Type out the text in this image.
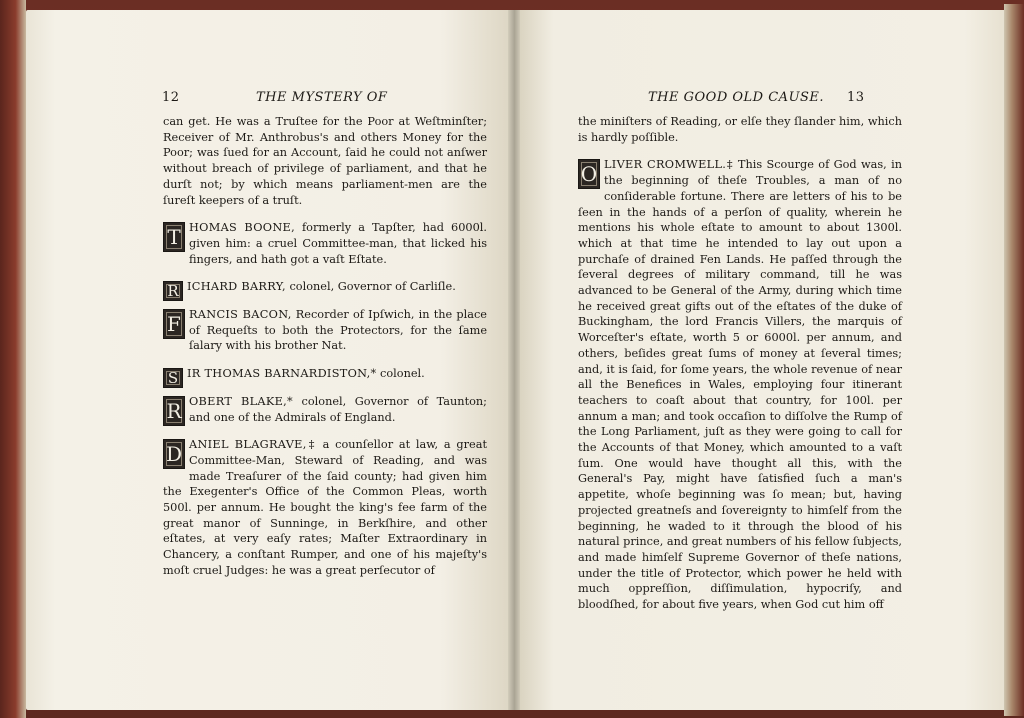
12	THE MYSTERY OF

can get. He was a Truſtee for the Poor at Weſtminſter; Receiver of Mr. Anthrobus's and others Money for the Poor; was ſued for an Account, ſaid he could not anſwer without breach of privilege of parliament, and that he durſt not; by which means parliament-men are the ſureſt keepers of a truſt.

T HOMAS BOONE, formerly a Tapſter, had 6000l. given him: a cruel Committee-man, that licked his fingers, and hath got a vaſt Eſtate.

R ICHARD BARRY, colonel, Governor of Carliſle.

F RANCIS BACON, Recorder of Ipſwich, in the place of Requeſts to both the Protectors, for the ſame ſalary with his brother Nat.

S IR THOMAS BARNARDISTON,* colonel.

R OBERT BLAKE,* colonel, Governor of Taunton; and one of the Admirals of England.

D ANIEL BLAGRAVE,‡ a counſellor at law, a great Committee-Man, Steward of Reading, and was made Treaſurer of the ſaid county; had given him the Exegenter's Office of the Common Pleas, worth 500l. per annum. He bought the king's fee farm of the great manor of Sunninge, in Berkſhire, and other eſtates, at very eaſy rates; Maſter Extraordinary in Chancery, a conſtant Rumper, and one of his majeſty's moſt cruel Judges: he was a great perſecutor of

THE GOOD OLD CAUSE. 13

the miniſters of Reading, or elſe they ſlander him, which is hardly poſſible.

O LIVER CROMWELL.‡ This Scourge of God was, in the beginning of theſe Troubles, a man of no conſiderable fortune. There are letters of his to be ſeen in the hands of a perſon of quality, wherein he mentions his whole eſtate to amount to about 1300l. which at that time he intended to lay out upon a purchaſe of drained Fen Lands. He paſſed through the ſeveral degrees of military command, till he was advanced to be General of the Army, during which time he received great gifts out of the eſtates of the duke of Buckingham, the lord Francis Villers, the marquis of Worceſter's eſtate, worth 5 or 6000l. per annum, and others, beſides great ſums of money at ſeveral times; and, it is ſaid, for ſome years, the whole revenue of near all the Benefices in Wales, employing four itinerant teachers to coaſt about that country, for 100l. per annum a man; and took occaſion to diſſolve the Rump of the Long Parliament, juſt as they were going to call for the Accounts of that Money, which amounted to a vaſt ſum. One would have thought all this, with the General's Pay, might have ſatisfied ſuch a man's appetite, whoſe beginning was ſo mean; but, having projected greatneſs and ſovereignty to himſelf from the beginning, he waded to it through the blood of his natural prince, and great numbers of his fellow ſubjects, and made himſelf Supreme Governor of theſe nations, under the title of Protector, which power he held with much oppreſſion, diſſimulation, hypocriſy, and bloodſhed, for about five years, when God cut him off
